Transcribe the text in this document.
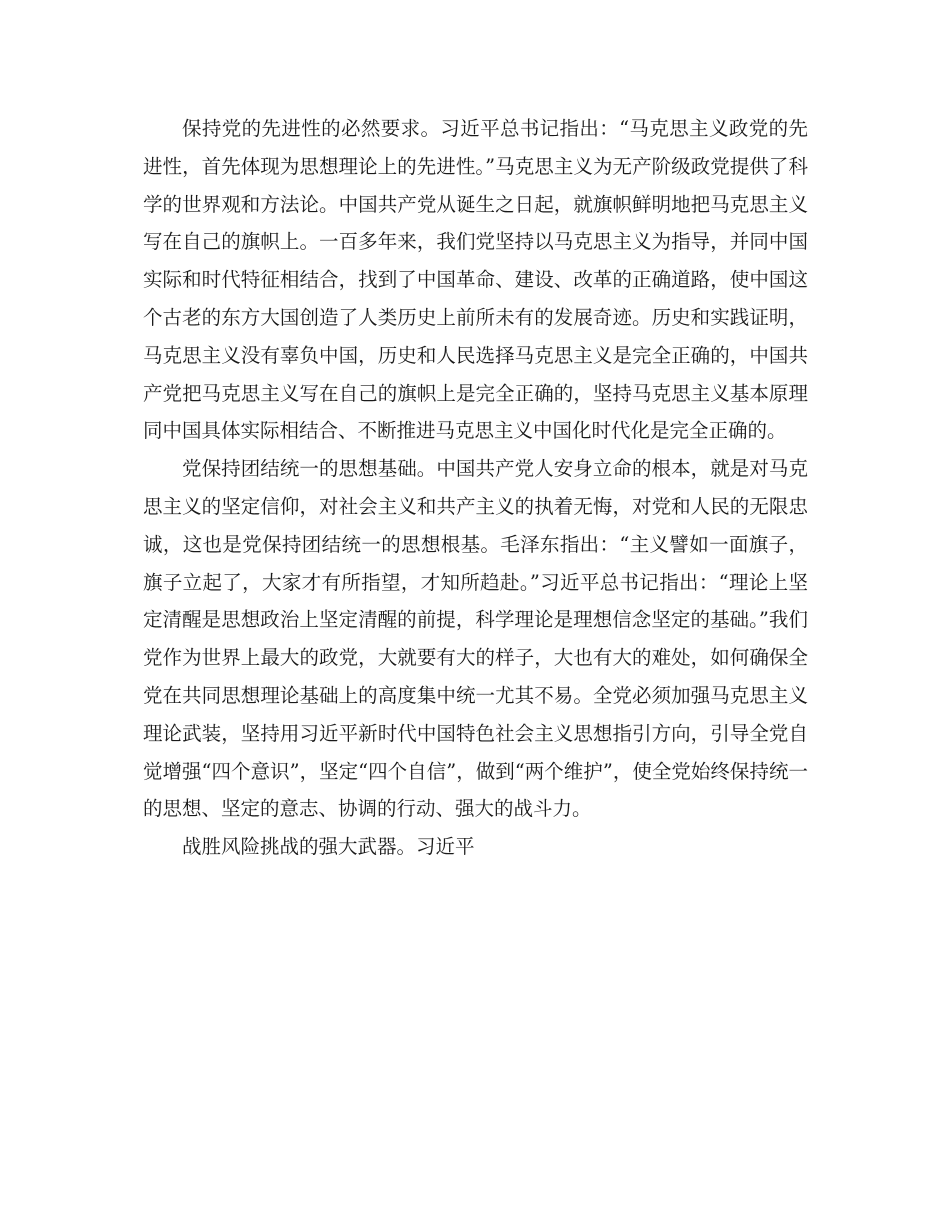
保持党的先进性的必然要求。习近平总书记指出：“马克思主义政党的先进性，首先体现为思想理论上的先进性。”马克思主义为无产阶级政党提供了科学的世界观和方法论。中国共产党从诞生之日起，就旗帜鲜明地把马克思主义写在自己的旗帜上。一百多年来，我们党坚持以马克思主义为指导，并同中国实际和时代特征相结合，找到了中国革命、建设、改革的正确道路，使中国这个古老的东方大国创造了人类历史上前所未有的发展奇迹。历史和实践证明，马克思主义没有辜负中国，历史和人民选择马克思主义是完全正确的，中国共产党把马克思主义写在自己的旗帜上是完全正确的，坚持马克思主义基本原理同中国具体实际相结合、不断推进马克思主义中国化时代化是完全正确的。

党保持团结统一的思想基础。中国共产党人安身立命的根本，就是对马克思主义的坚定信仰，对社会主义和共产主义的执着无悔，对党和人民的无限忠诚，这也是党保持团结统一的思想根基。毛泽东指出：“主义譬如一面旗子，旗子立起了，大家才有所指望，才知所趋赴。”习近平总书记指出：“理论上坚定清醒是思想政治上坚定清醒的前提，科学理论是理想信念坚定的基础。”我们党作为世界上最大的政党，大就要有大的样子，大也有大的难处，如何确保全党在共同思想理论基础上的高度集中统一尤其不易。全党必须加强马克思主义理论武装，坚持用习近平新时代中国特色社会主义思想指引方向，引导全党自觉增强“四个意识”，坚定“四个自信”，做到“两个维护”，使全党始终保持统一的思想、坚定的意志、协调的行动、强大的战斗力。

战胜风险挑战的强大武器。习近平
